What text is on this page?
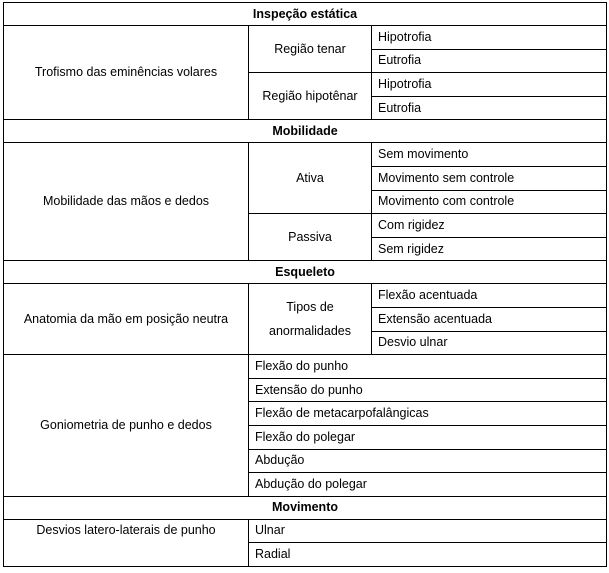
Inspeção estática		
Trofismo das eminências volares	Região tenar	Hipotrofia
		Eutrofia
	Região hipotênar	Hipotrofia
		Eutrofia
Mobilidade		
Mobilidade das mãos e dedos	Ativa	Sem movimento
		Movimento sem controle
		Movimento com controle
	Passiva	Com rigidez
		Sem rigidez
Esqueleto		
Anatomia da mão em posição neutra	Tipos de anormalidades	Flexão acentuada
		Extensão acentuada
		Desvio ulnar
Goniometria de punho e dedos	Flexão do punho	
	Extensão do punho	
	Flexão de metacarpofalângicas	
	Flexão do polegar	
	Abdução	
	Abdução do polegar	
Movimento		
Desvios latero-laterais de punho	Ulnar	
	Radial	
